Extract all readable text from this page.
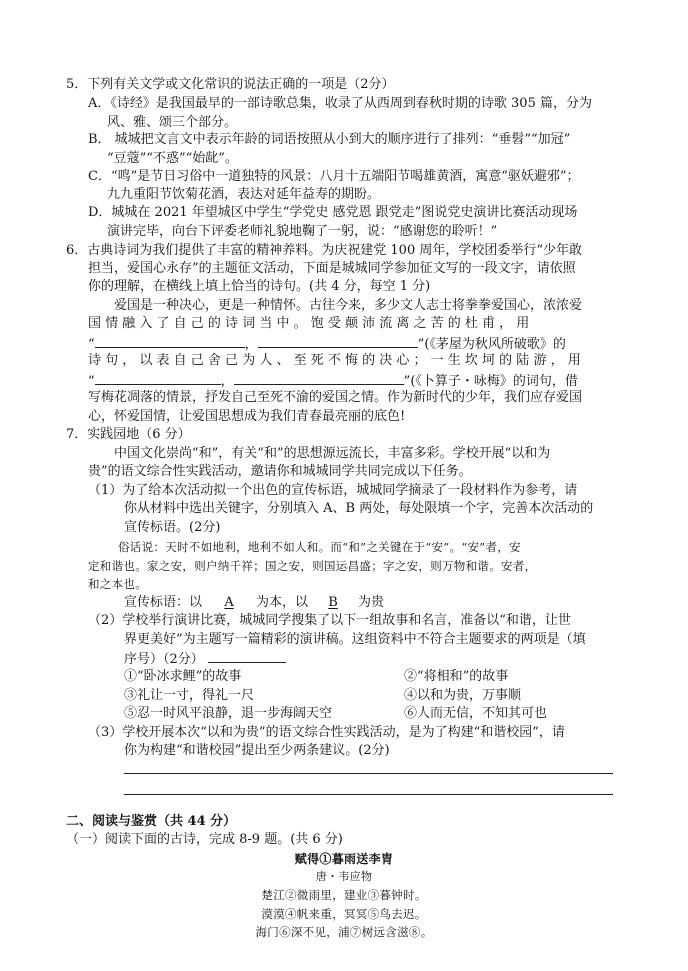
5．下列有关文学或文化常识的说法正确的一项是（2分）
A．《诗经》是我国最早的一部诗歌总集，收录了从西周到春秋时期的诗歌 305 篇，分为
风、雅、颂三个部分。
B． 城城把文言文中表示年龄的词语按照从小到大的顺序进行了排列：“垂髫”“加冠”
“豆蔻”“不惑”“始龀”。
C．“鸣”是节日习俗中一道独特的风景：八月十五端阳节喝雄黄酒，寓意“驱妖避邪”；
九九重阳节饮菊花酒，表达对延年益寿的期盼。
D．城城在 2021 年望城区中学生“学党史 感党恩 跟党走”图说党史演讲比赛活动现场
演讲完毕，向台下评委老师礼貌地鞠了一躬，说：“感谢您的聆听！”
6．古典诗词为我们提供了丰富的精神养料。为庆祝建党 100 周年，学校团委举行“少年敢
担当，爱国心永存”的主题征文活动，下面是城城同学参加征文写的一段文字，请依照
你的理解，在横线上填上恰当的诗句。(共 4 分，每空 1 分)
爱国是一种决心，更是一种情怀。古往今来，多少文人志士将拳拳爱国心，浓浓爱
国 情 融 入 了 自 己 的 诗 词 当 中 。 饱 受 颠 沛 流 离 之 苦 的 杜 甫 ， 用
“	，	”(《茅屋为秋风所破歌》的
诗 句 ， 以 表 自 己 舍 己 为 人 、 至 死 不 悔 的 决 心 ； 一 生 坎 坷 的 陆 游 ， 用
“	，	”(《卜算子・咏梅》的词句，借
写梅花凋落的情景，抒发自己至死不渝的爱国之情。作为新时代的少年，我们应存爱国
心，怀爱国情，让爱国思想成为我们青春最亮丽的底色!
7．实践园地（6 分）
中国文化崇尚“和”，有关“和”的思想源远流长，丰富多彩。学校开展“以和为
贵”的语文综合性实践活动，邀请你和城城同学共同完成以下任务。
（1）为了给本次活动拟一个出色的宣传标语，城城同学摘录了一段材料作为参考，请
你从材料中选出关键字，分别填入 A、B 两处，每处限填一个字，完善本次活动的
宣传标语。(2分)
俗话说：天时不如地利，地利不如人和。而“和”之关键在于“安”。“安”者，安
定和谐也。家之安，则户纳千祥；国之安，则国运昌盛；字之安，则万物和谐。安者，
和之本也。
宣传标语：以 A 为本，以 B 为贵
（2）学校举行演讲比赛，城城同学搜集了以下一组故事和名言，准备以“和谐，让世
界更美好”为主题写一篇精彩的演讲稿。这组资料中不符合主题要求的两项是（填
序号）（2分）
①“卧冰求鲤”的故事	②“将相和”的故事
③礼让一寸，得礼一尺	④以和为贵，万事顺
⑤忍一时风平浪静，退一步海阔天空	⑥人而无信，不知其可也
（3）学校开展本次“以和为贵”的语文综合性实践活动，是为了构建“和谐校园”，请
你为构建“和谐校园”提出至少两条建议。(2分)
二、阅读与鉴赏（共 44 分）
（一）阅读下面的古诗，完成 8-9 题。(共 6 分)
赋得①暮雨送李胄
唐・韦应物
楚江②微雨里，建业③暮钟时。
漠漠④帆来重，冥冥⑤鸟去迟。
海门⑥深不见，浦⑦树远含滋⑧。
